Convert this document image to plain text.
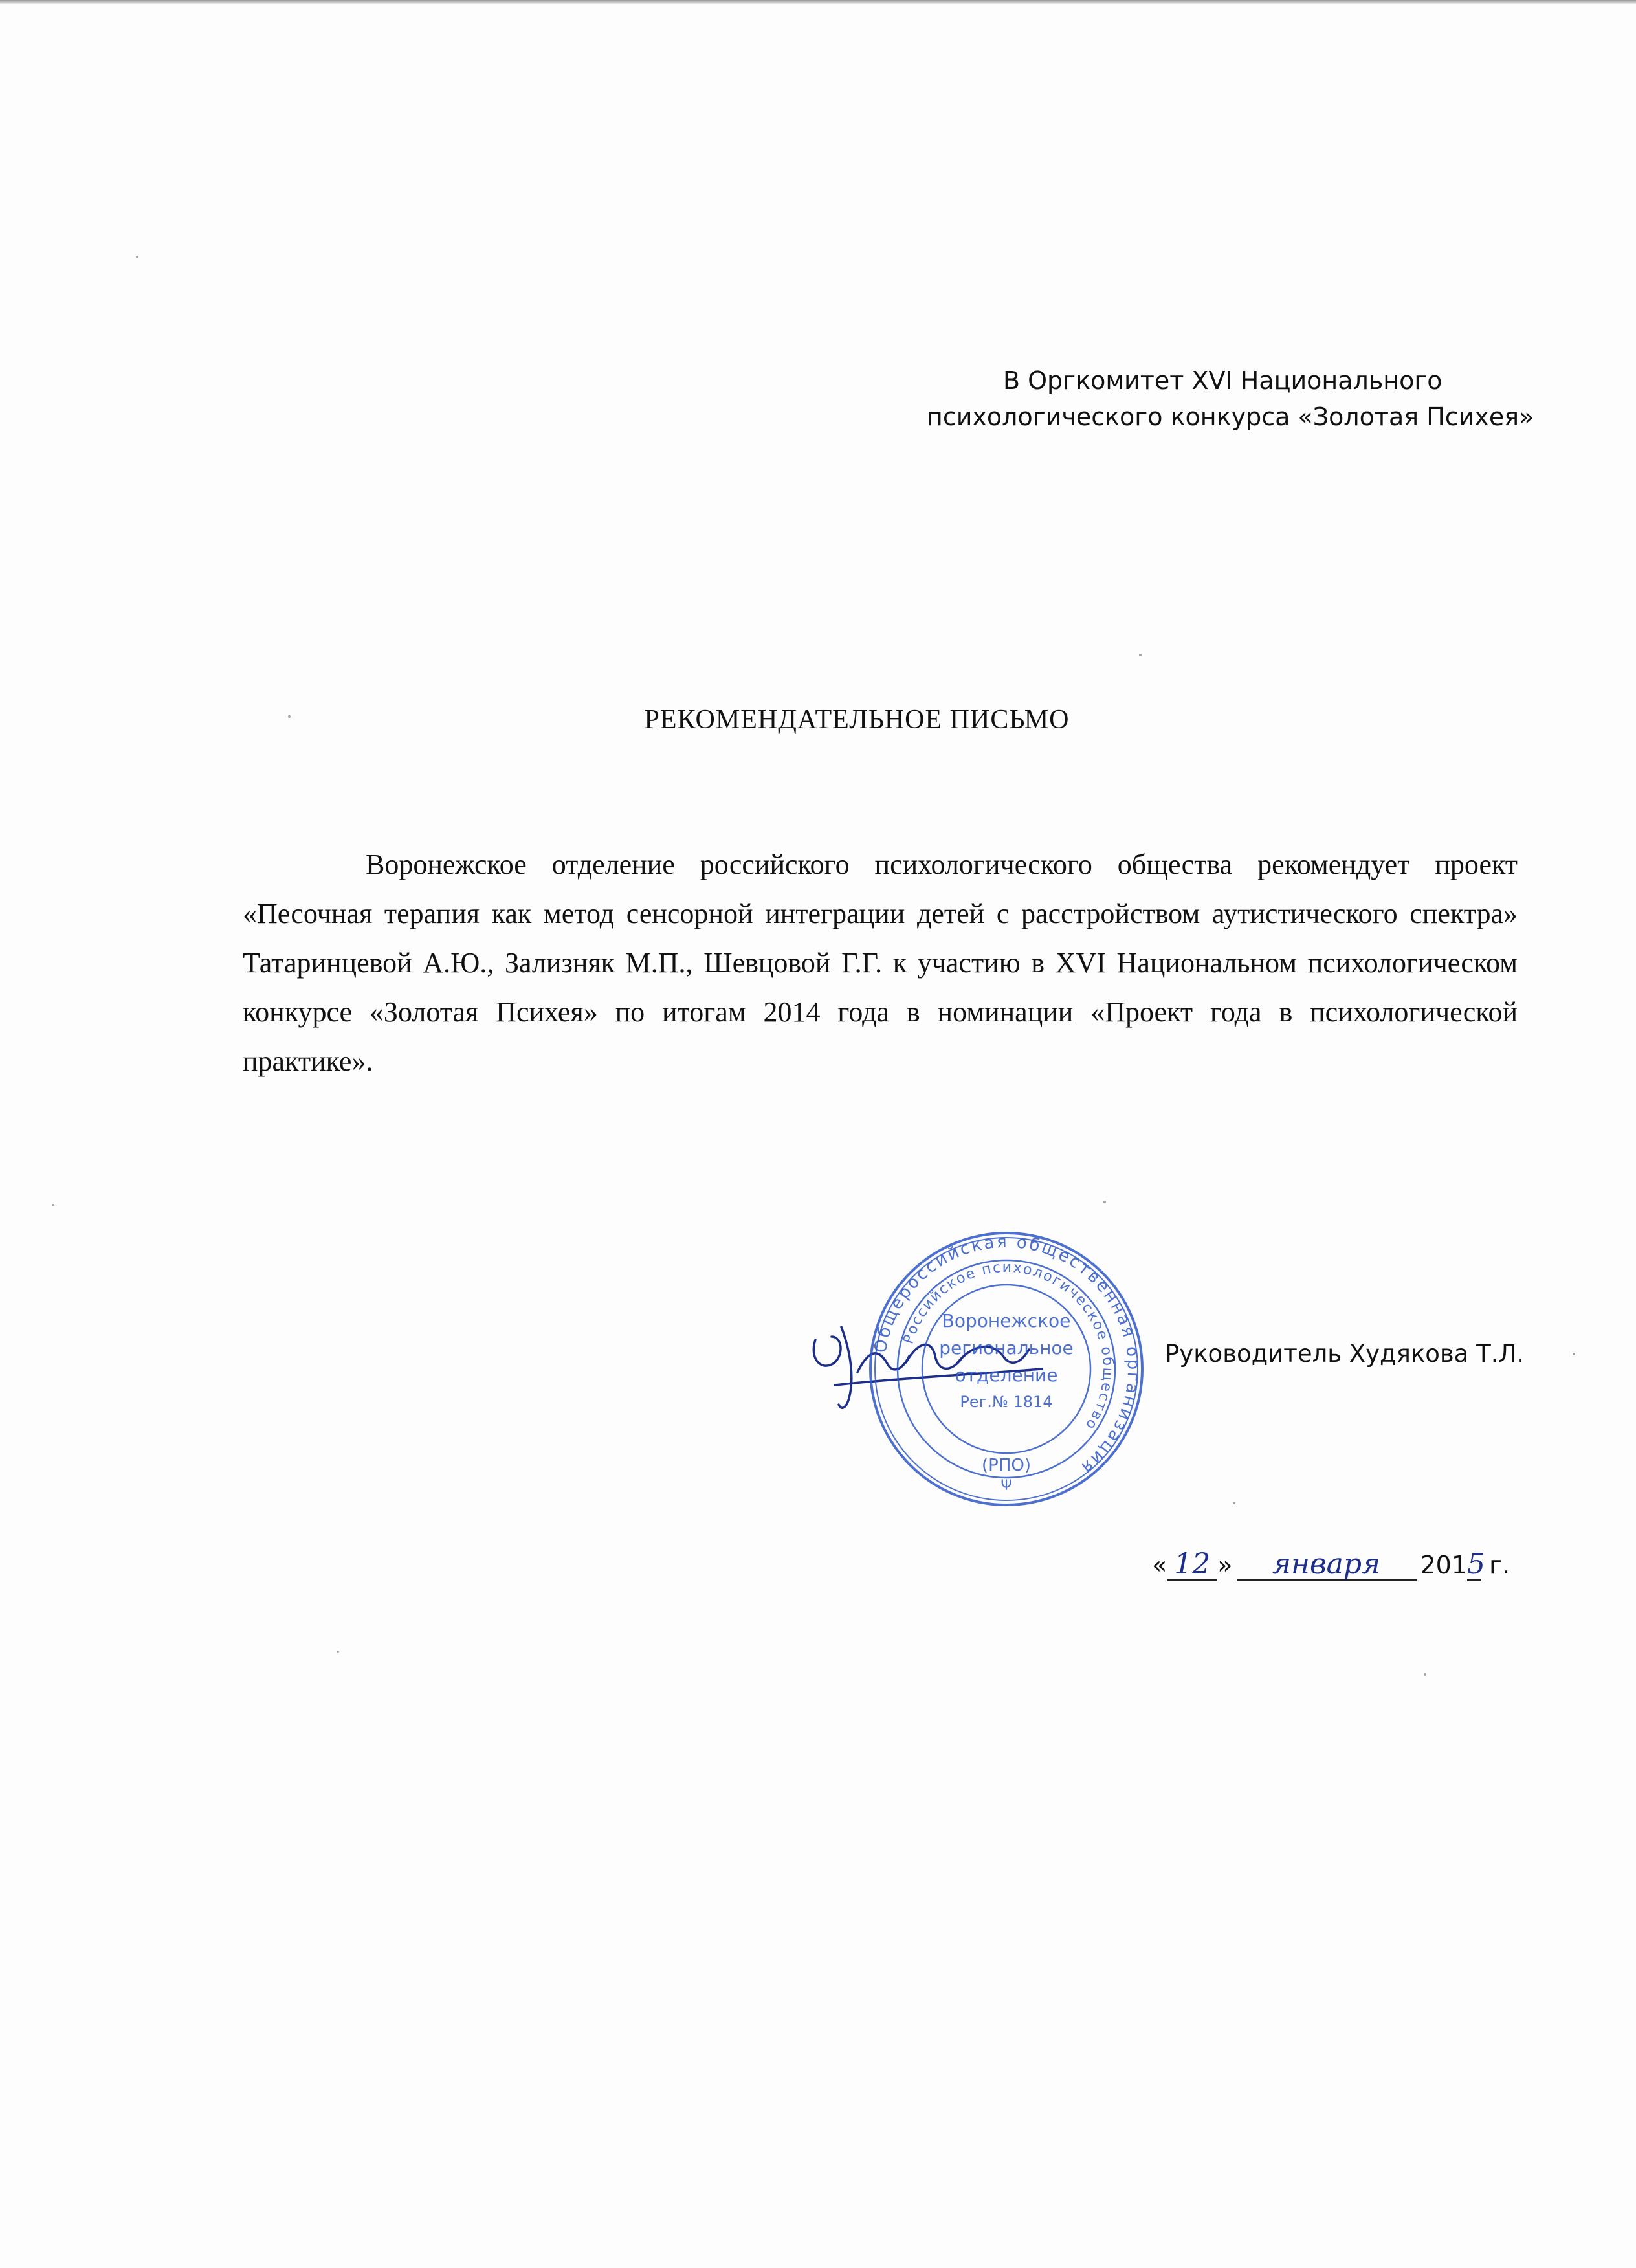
В Оргкомитет XVI Национального
психологического конкурса «Золотая Психея»
РЕКОМЕНДАТЕЛЬНОЕ ПИСЬМО

Воронежское отделение российского психологического общества рекомендует проект «Песочная терапия как метод сенсорной интеграции детей с расстройством аутистического спектра» Татаринцевой А.Ю., Зализняк М.П., Шевцовой Г.Г. к участию в XVI Национальном психологическом конкурсе «Золотая Психея» по итогам 2014 года в номинации «Проект года в психологической практике».

Общероссийская общественная организация
Российское психологическое общество
Воронежское
региональное
отделение
Рег.№ 1814
(РПО)
Ψ
Руководитель Худякова Т.Л.
« 12 » января 2015 г.
